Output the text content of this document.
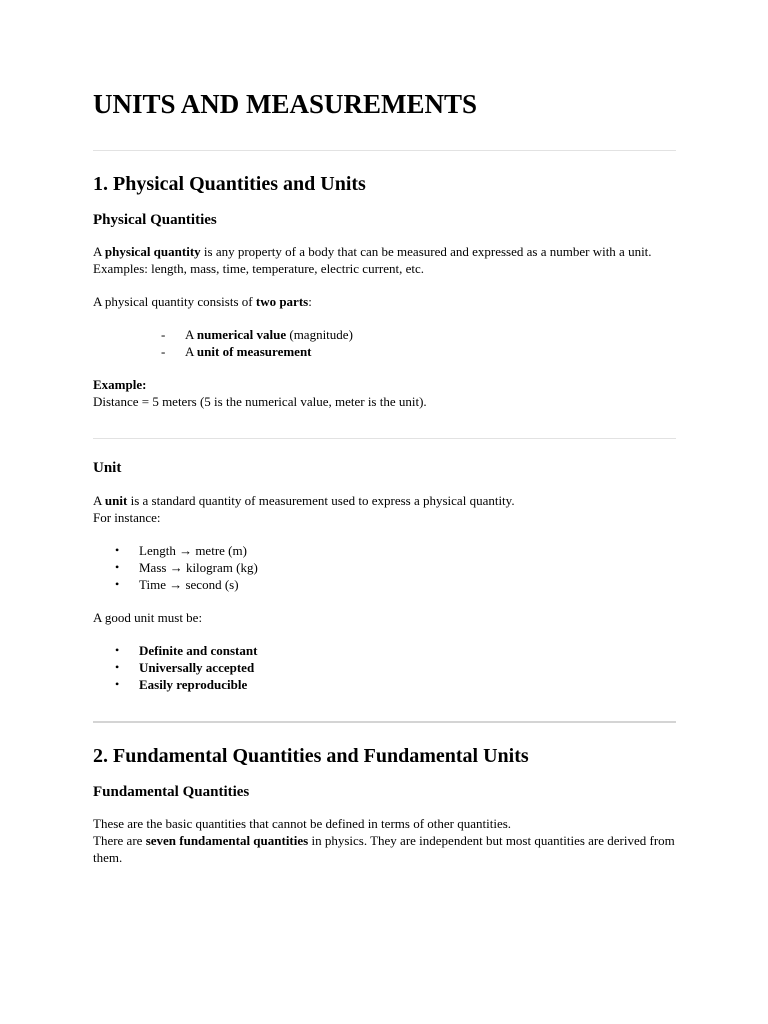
UNITS AND MEASUREMENTS
1. Physical Quantities and Units
Physical Quantities

A physical quantity is any property of a body that can be measured and expressed as a number with a unit.
Examples: length, mass, time, temperature, electric current, etc.

A physical quantity consists of two parts:

- A numerical value (magnitude)
- A unit of measurement

Example:
Distance = 5 meters (5 is the numerical value, meter is the unit).

Unit

A unit is a standard quantity of measurement used to express a physical quantity.
For instance:

• Length → metre (m)
• Mass → kilogram (kg)
• Time → second (s)

A good unit must be:

• Definite and constant
• Universally accepted
• Easily reproducible
2. Fundamental Quantities and Fundamental Units
Fundamental Quantities

These are the basic quantities that cannot be defined in terms of other quantities.
There are seven fundamental quantities in physics. They are independent but most quantities are derived from them.
